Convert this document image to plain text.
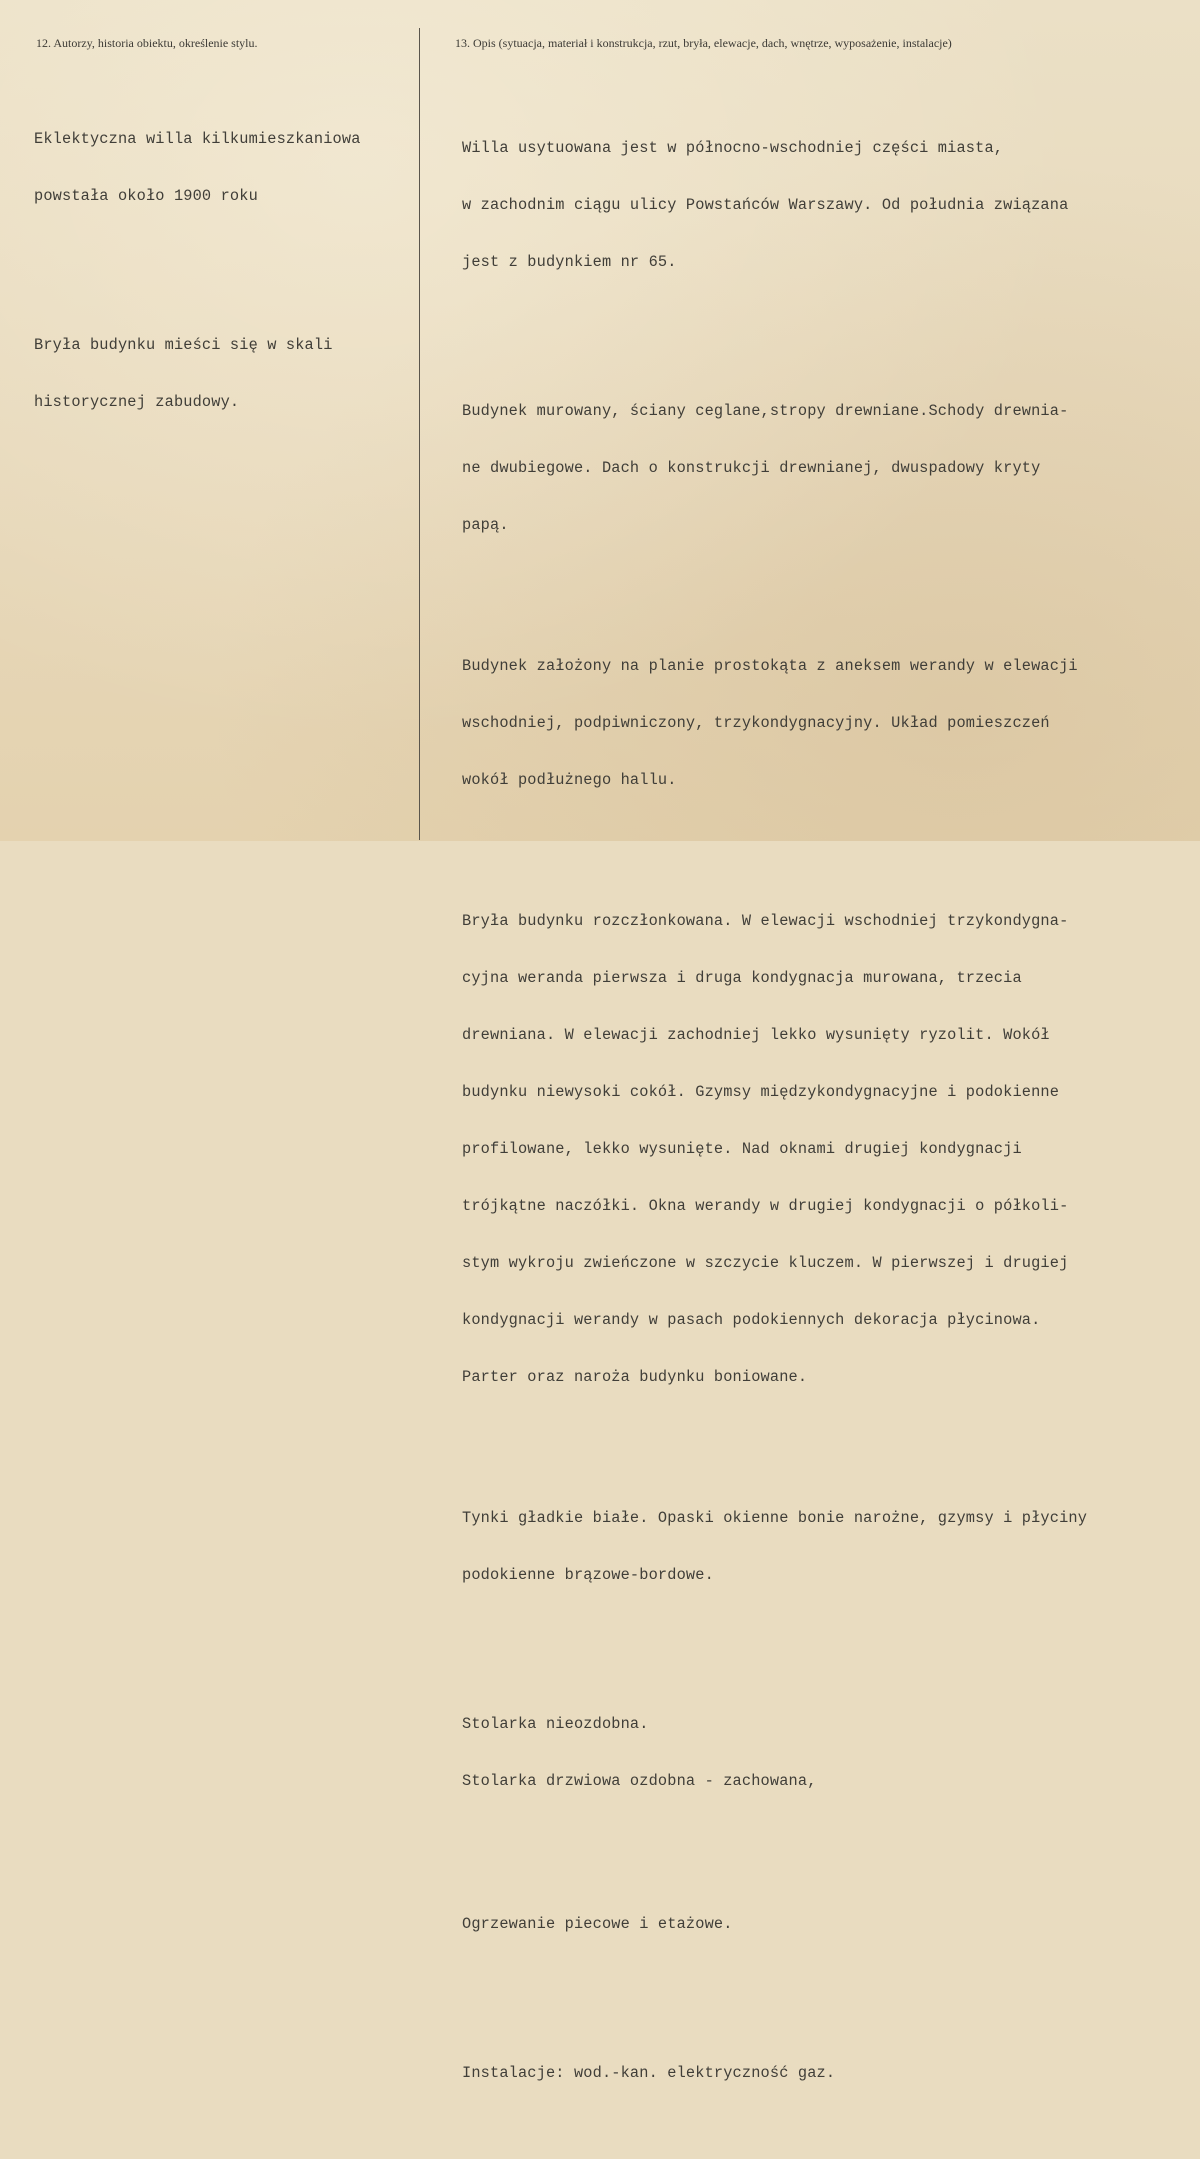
12. Autorzy, historia obiektu, określenie stylu.	13. Opis (sytuacja, materiał i konstrukcja, rzut, bryła, elewacje, dach, wnętrze, wyposażenie, instalacje)

Eklektyczna willa kilkumieszkaniowa

powstała około 1900 roku

Bryła budynku mieści się w skali

historycznej zabudowy.

Willa usytuowana jest w północno-wschodniej części miasta,

w zachodnim ciągu ulicy Powstańców Warszawy. Od południa związana

jest z budynkiem nr 65.

Budynek murowany, ściany ceglane,stropy drewniane.Schody drewnia-

ne dwubiegowe. Dach o konstrukcji drewnianej, dwuspadowy kryty

papą.

Budynek założony na planie prostokąta z aneksem werandy w elewacji

wschodniej, podpiwniczony, trzykondygnacyjny. Układ pomieszczeń

wokół podłużnego hallu.

Bryła budynku rozczłonkowana. W elewacji wschodniej trzykondygna-

cyjna weranda pierwsza i druga kondygnacja murowana, trzecia

drewniana. W elewacji zachodniej lekko wysunięty ryzolit. Wokół

budynku niewysoki cokół. Gzymsy międzykondygnacyjne i podokienne

profilowane, lekko wysunięte. Nad oknami drugiej kondygnacji

trójkątne naczółki. Okna werandy w drugiej kondygnacji o półkoli-

stym wykroju zwieńczone w szczycie kluczem. W pierwszej i drugiej

kondygnacji werandy w pasach podokiennych dekoracja płycinowa.

Parter oraz naroża budynku boniowane.

Tynki gładkie białe. Opaski okienne bonie narożne, gzymsy i płyciny

podokienne brązowe-bordowe.

Stolarka nieozdobna.

Stolarka drzwiowa ozdobna - zachowana,

Ogrzewanie piecowe i etażowe.

Instalacje: wod.-kan. elektryczność gaz.
